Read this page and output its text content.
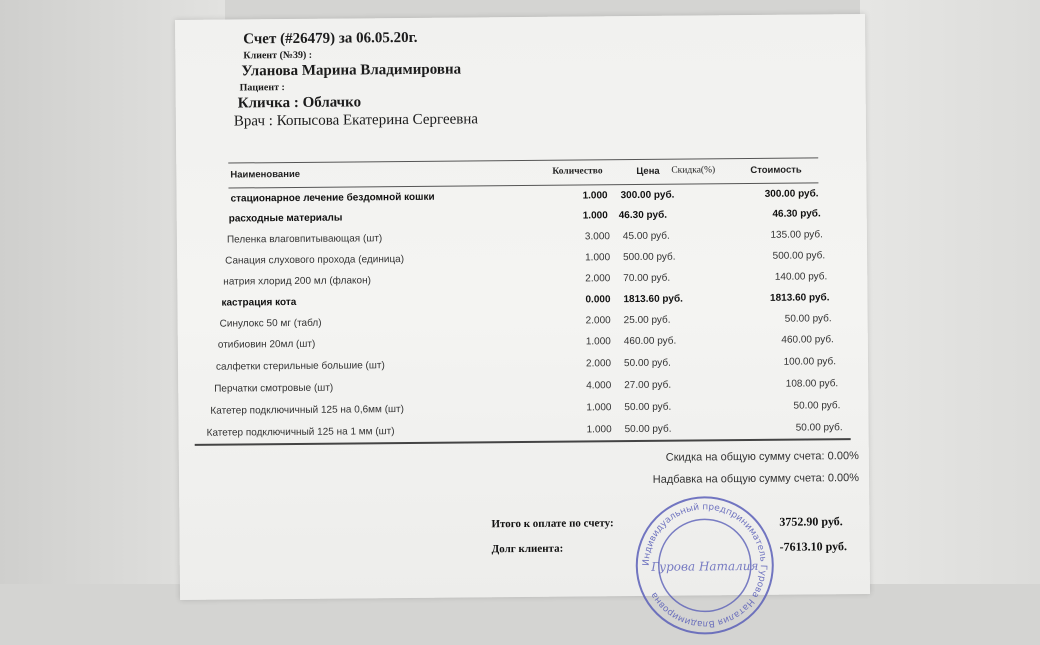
Счет (#26479) за 06.05.20г.
Клиент (№39) :
Уланова Марина Владимировна
Пациент :
Кличка : Облачко
Врач : Копысова Екатерина Сергеевна
Наименование	Количество	Цена Скидка(%)	Стоимость
стационарное лечение бездомной кошки	1.000 300.00 руб.	300.00 руб.
расходные материалы	1.000 46.30 руб.	46.30 руб.
Пеленка влаговпитывающая (шт)	3.000 45.00 руб.	135.00 руб.
Санация слухового прохода (единица)	1.000 500.00 руб.	500.00 руб.
натрия хлорид 200 мл (флакон)	2.000 70.00 руб.	140.00 руб.
кастрация кота	0.000 1813.60 руб.	1813.60 руб.
Синулокс 50 мг (табл)	2.000 25.00 руб.	50.00 руб.
отибиовин 20мл (шт)	1.000 460.00 руб.	460.00 руб.
салфетки стерильные большие (шт)	2.000 50.00 руб.	100.00 руб.
Перчатки смотровые (шт)	4.000 27.00 руб.	108.00 руб.
Катетер подключичный 125 на 0,6мм (шт)	1.000 50.00 руб.	50.00 руб.
Катетер подключичный 125 на 1 мм (шт)	1.000 50.00 руб.	50.00 руб.
Скидка на общую сумму счета: 0.00%
Надбавка на общую сумму счета: 0.00%
Итого к оплате по счету:	3752.90 руб.
Долг клиента:	-7613.10 руб.
Индивидуальный предприниматель Гурова Наталия Владимировна
Гурова Наталия
